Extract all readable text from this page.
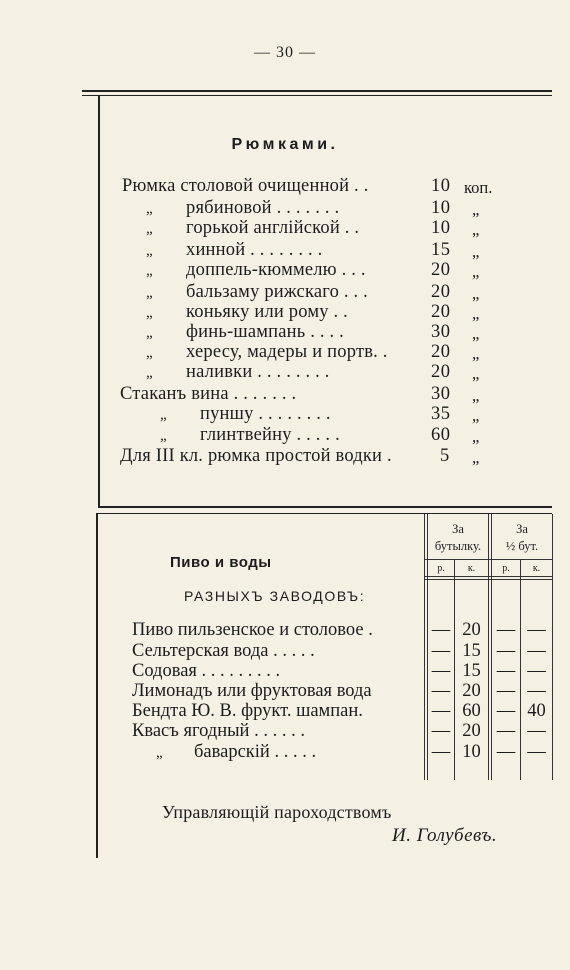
— 30 —
Рюмками.
Рюмка столовой очищенной . .	10 коп.
„ рябиновой . . . . . . .	10	„
„ горькой англійской . .	10	„
„ хинной . . . . . . . .	15	„
„ доппель-кюммелю . . .	20	„
„ бальзаму рижскаго . . .	20	„
„ коньяку или рому . .	20	„
„ финь-шампань . . . .	30	„
„ хересу, мадеры и портв. . 20	„
„ наливки . . . . . . . .	20	„
Стаканъ вина . . . . . . .	30	„
„ пуншу . . . . . . . .	35	„
„ глинтвейну . . . . .	60	„
Для III кл. рюмка простой водки .	5	„
Пиво и воды
РАЗНЫХЪ ЗАВОДОВЪ:
За
бутылку.
За
½ бут.
р.	к.	р.	к.
Пиво пильзенское и столовое .	— 20 — —
Сельтерская вода . . . . .	— 15 — —
Содовая . . . . . . . . .	— 15 — —
Лимонадъ или фруктовая вода	— 20 — —
Бендта Ю. В. фрукт. шампан.	— 60 — 40
Квасъ ягодный . . . . . .	— 20 — —
„ баварскій . . . . .	— 10 — —
Управляющій пароходствомъ
И. Голубевъ.
